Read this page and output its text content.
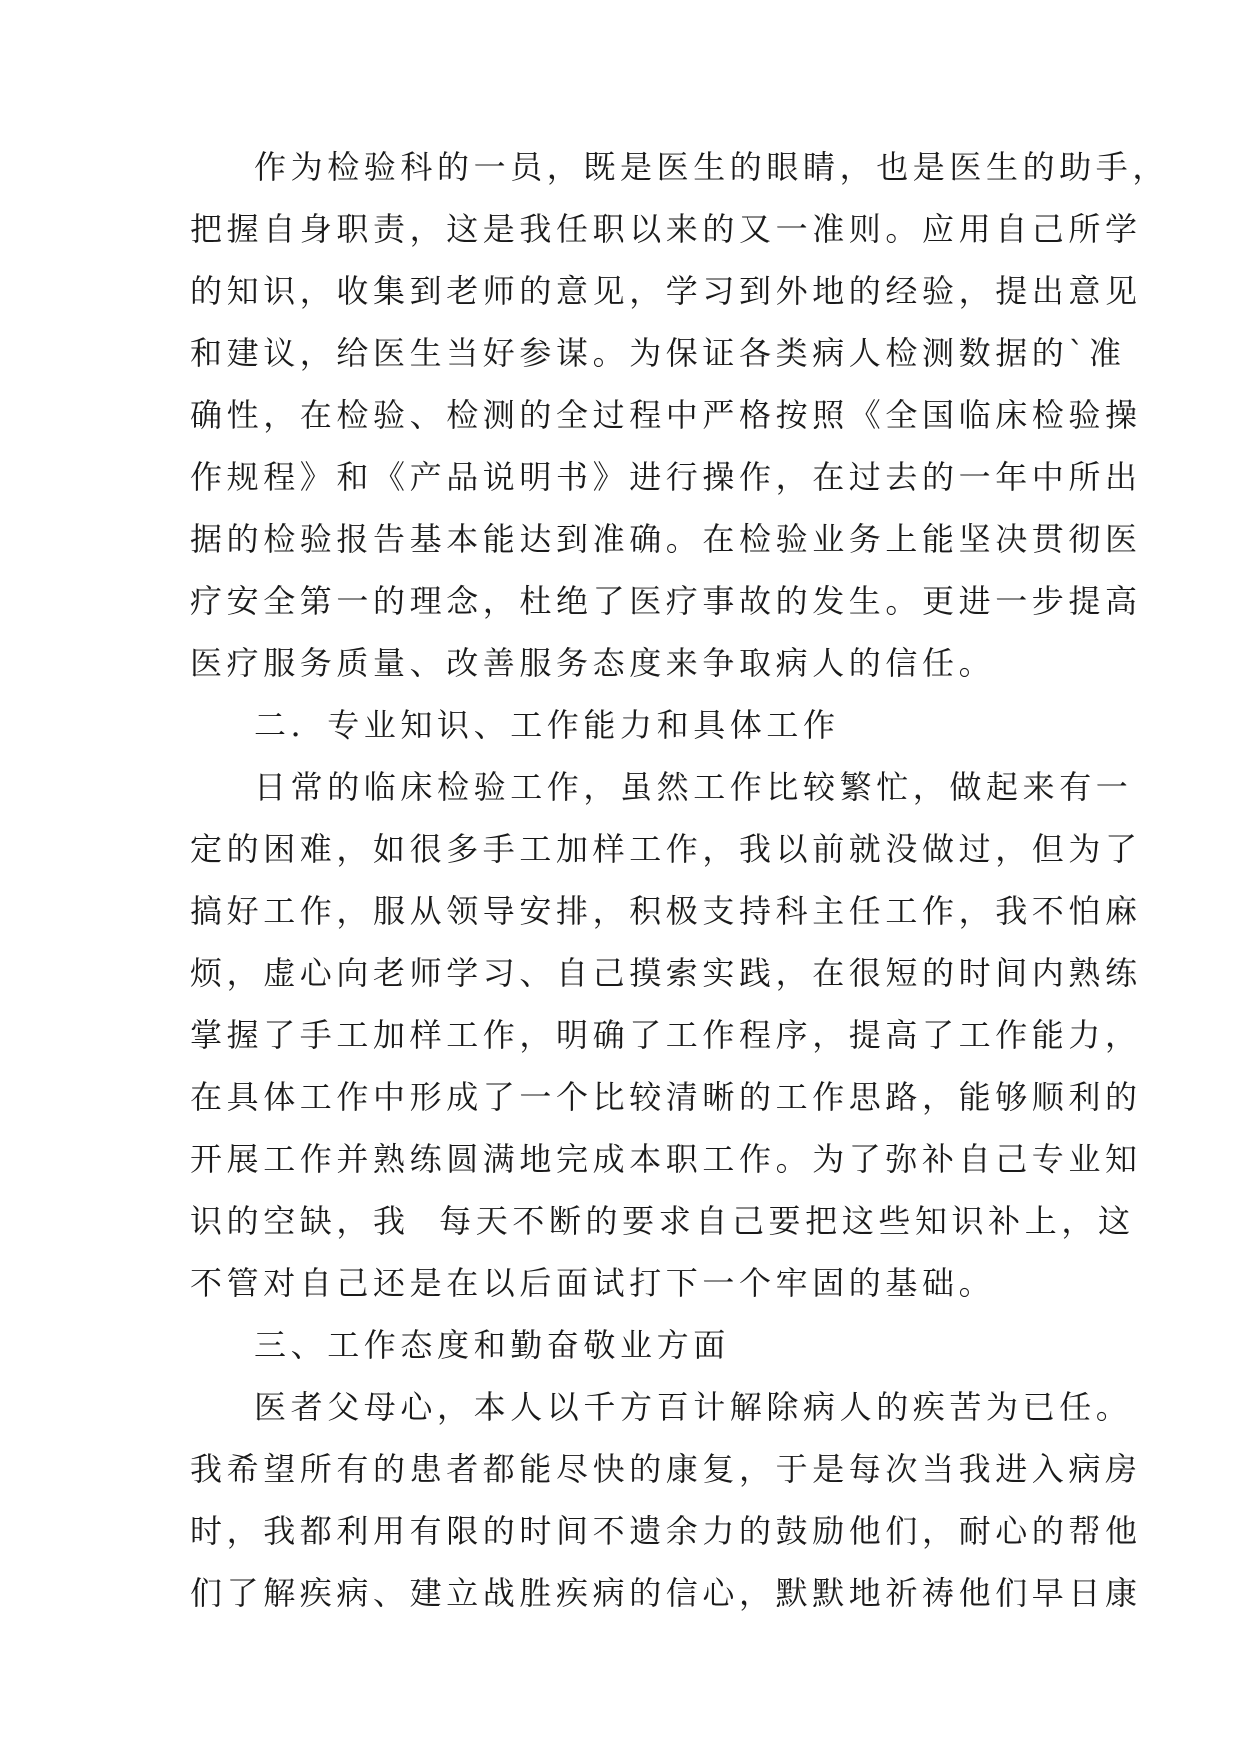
作为检验科的一员，既是医生的眼睛，也是医生的助手，
把握自身职责，这是我任职以来的又一准则。应用自己所学
的知识，收集到老师的意见，学习到外地的经验，提出意见
和建议，给医生当好参谋。为保证各类病人检测数据的`准
确性，在检验、检测的全过程中严格按照《全国临床检验操
作规程》和《产品说明书》进行操作，在过去的一年中所出
据的检验报告基本能达到准确。在检验业务上能坚决贯彻医
疗安全第一的理念，杜绝了医疗事故的发生。更进一步提高
医疗服务质量、改善服务态度来争取病人的信任。
二．专业知识、工作能力和具体工作
日常的临床检验工作，虽然工作比较繁忙，做起来有一
定的困难，如很多手工加样工作，我以前就没做过，但为了
搞好工作，服从领导安排，积极支持科主任工作，我不怕麻
烦，虚心向老师学习、自己摸索实践，在很短的时间内熟练
掌握了手工加样工作，明确了工作程序，提高了工作能力，
在具体工作中形成了一个比较清晰的工作思路，能够顺利的
开展工作并熟练圆满地完成本职工作。为了弥补自己专业知
识的空缺，我  每天不断的要求自己要把这些知识补上，这
不管对自己还是在以后面试打下一个牢固的基础。
三、工作态度和勤奋敬业方面
医者父母心，本人以千方百计解除病人的疾苦为已任。
我希望所有的患者都能尽快的康复，于是每次当我进入病房
时，我都利用有限的时间不遗余力的鼓励他们，耐心的帮他
们了解疾病、建立战胜疾病的信心，默默地祈祷他们早日康
